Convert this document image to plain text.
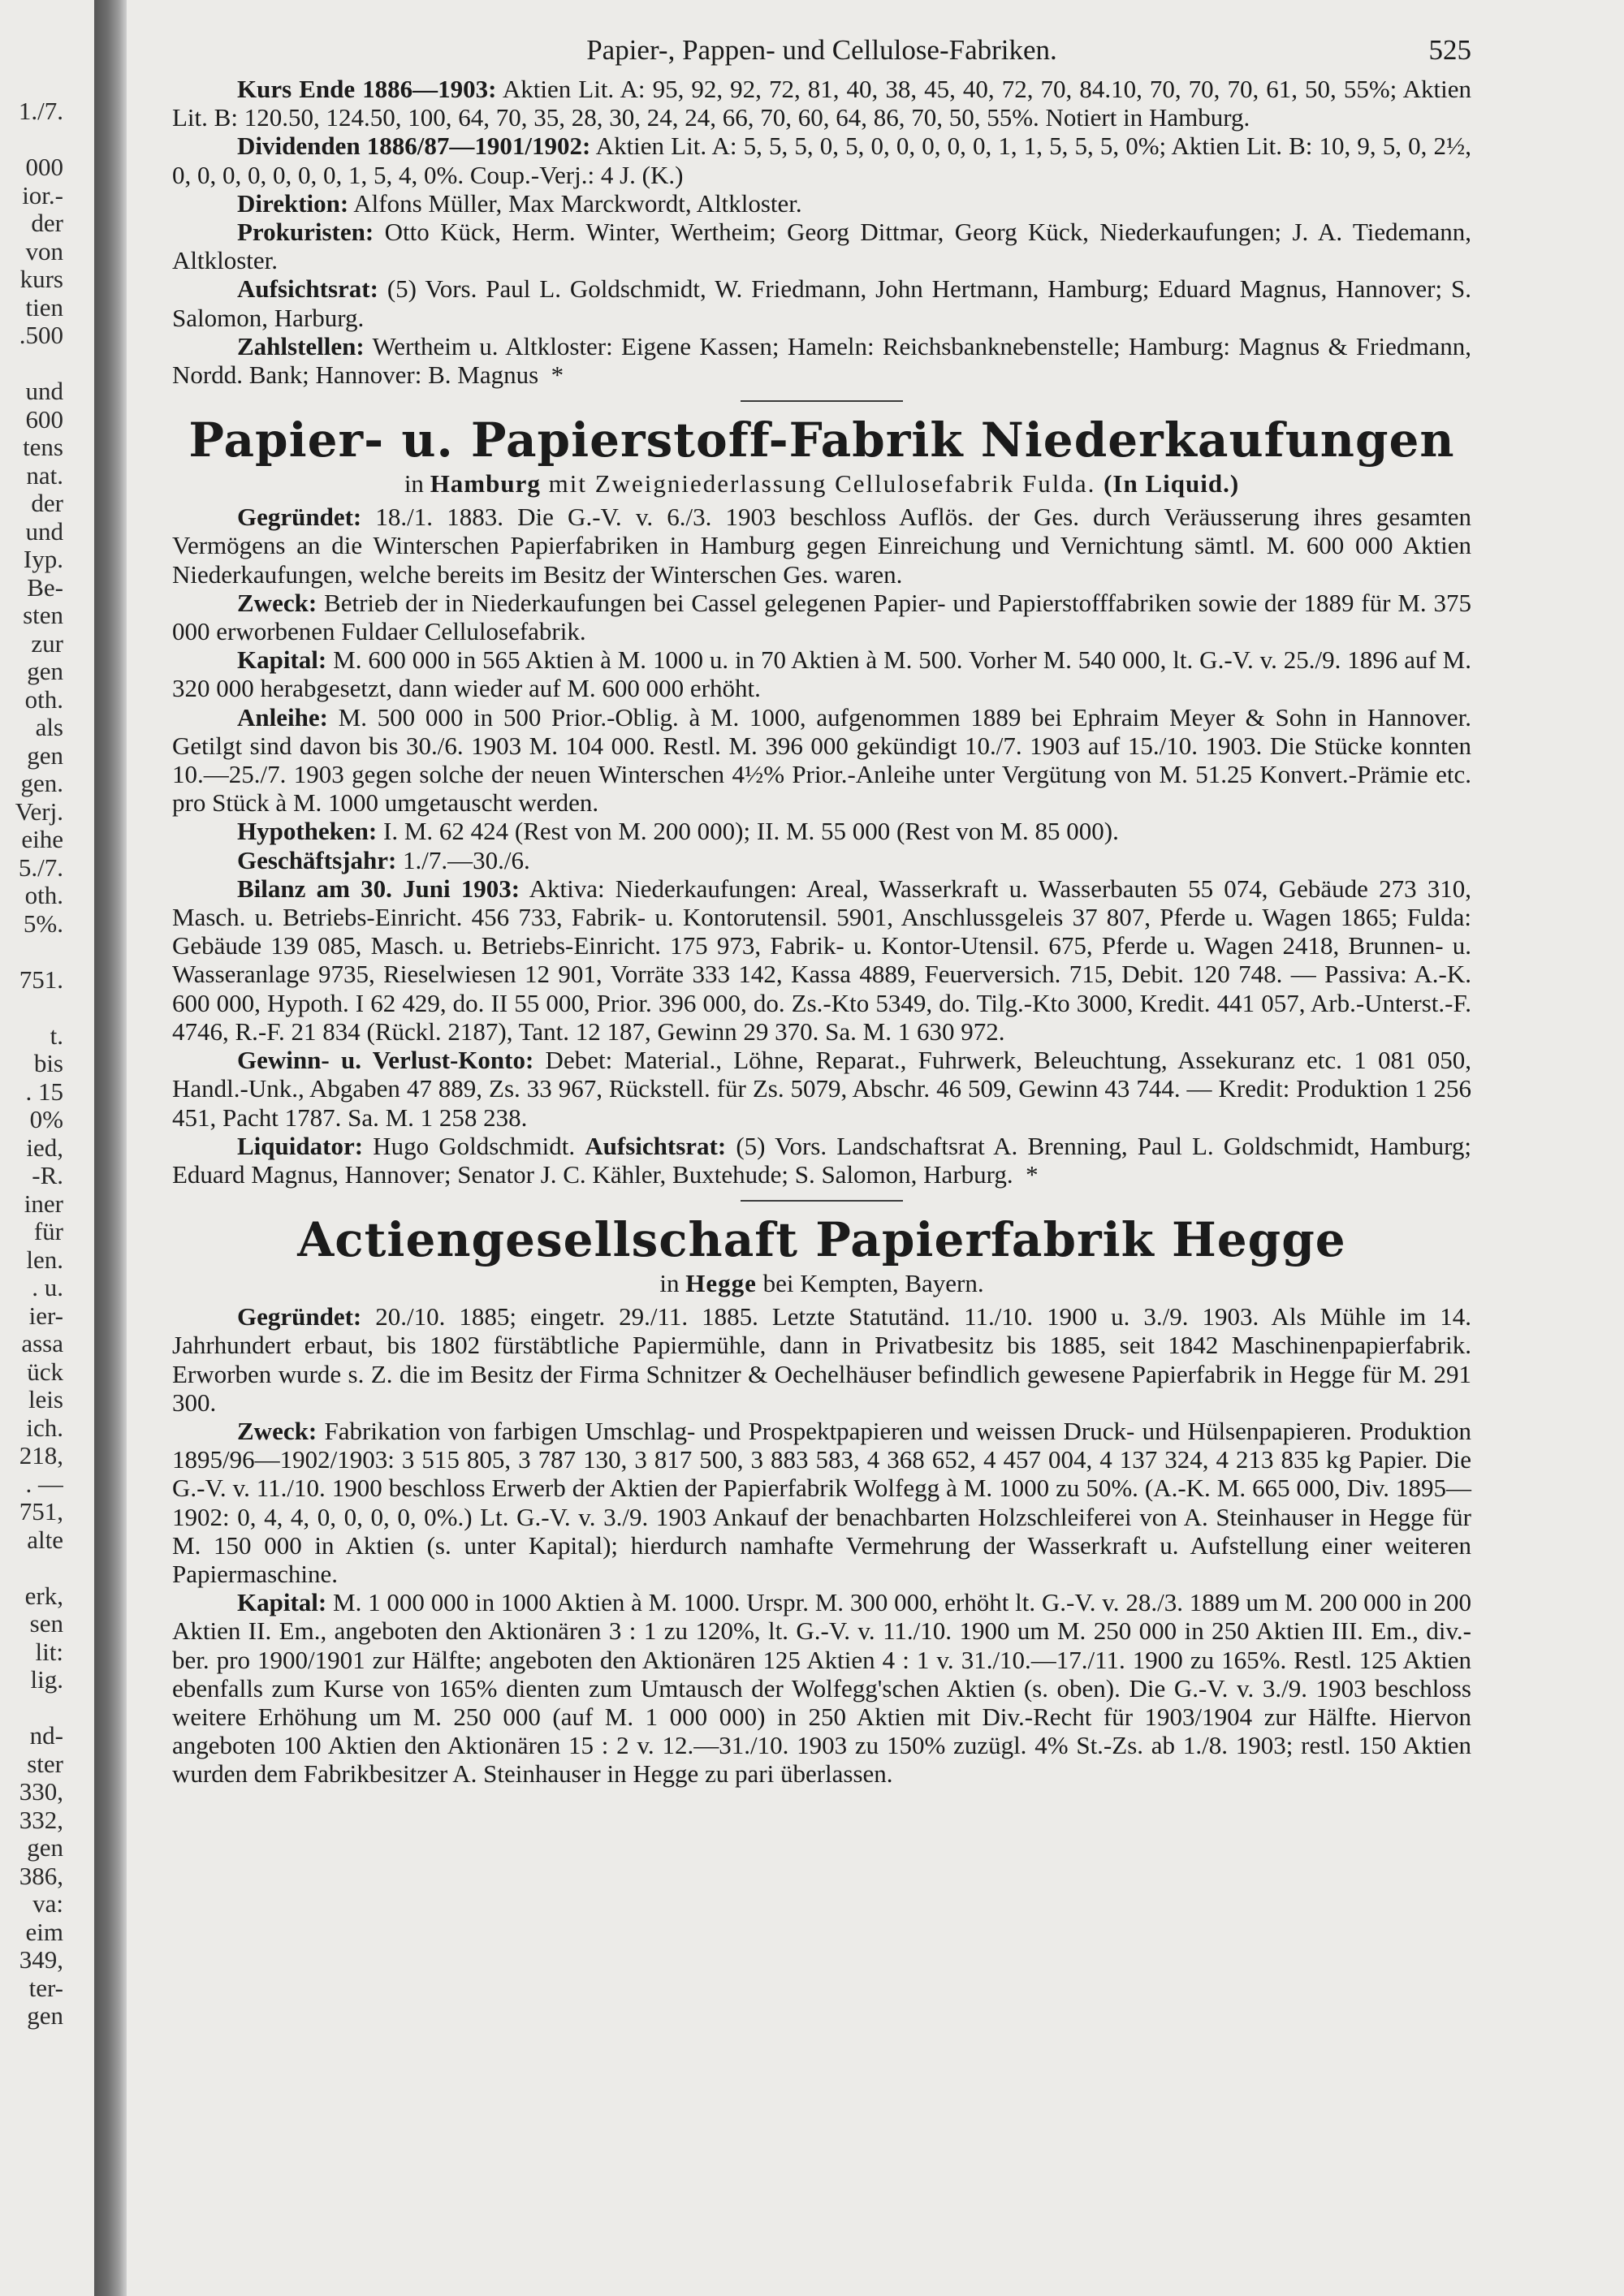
1./7.

000
ior.-
der
von
kurs
tien
.500

und
600
tens
nat.
der
und
Iyp.
Be-
sten
zur
gen
oth.
als
gen
gen.
Verj.
eihe
5./7.
oth.
5%.

751.

t.
bis
. 15
0%
ied,
-R.
iner
für
len.
. u.
ier-
assa
ück
leis
ich.
218,
. —
751,
alte

erk,
sen
lit:
lig.

nd-
ster
330,
332,
gen
386,
va:
eim
349,
ter-
gen
Papier-, Pappen- und Cellulose-Fabriken.	525

Kurs Ende 1886—1903: Aktien Lit. A: 95, 92, 92, 72, 81, 40, 38, 45, 40, 72, 70, 84.10, 70, 70, 70, 61, 50, 55%; Aktien Lit. B: 120.50, 124.50, 100, 64, 70, 35, 28, 30, 24, 24, 66, 70, 60, 64, 86, 70, 50, 55%. Notiert in Hamburg.

Dividenden 1886/87—1901/1902: Aktien Lit. A: 5, 5, 5, 0, 5, 0, 0, 0, 0, 0, 1, 1, 5, 5, 5, 0%; Aktien Lit. B: 10, 9, 5, 0, 2½, 0, 0, 0, 0, 0, 0, 0, 1, 5, 4, 0%. Coup.-Verj.: 4 J. (K.)

Direktion: Alfons Müller, Max Marckwordt, Altkloster.

Prokuristen: Otto Kück, Herm. Winter, Wertheim; Georg Dittmar, Georg Kück, Niederkaufungen; J. A. Tiedemann, Altkloster.

Aufsichtsrat: (5) Vors. Paul L. Goldschmidt, W. Friedmann, John Hertmann, Hamburg; Eduard Magnus, Hannover; S. Salomon, Harburg.

Zahlstellen: Wertheim u. Altkloster: Eigene Kassen; Hameln: Reichsbanknebenstelle; Hamburg: Magnus & Friedmann, Nordd. Bank; Hannover: B. Magnus *

Papier- u. Papierstoff-Fabrik Niederkaufungen
in Hamburg mit Zweigniederlassung Cellulosefabrik Fulda. (In Liquid.)

Gegründet: 18./1. 1883. Die G.-V. v. 6./3. 1903 beschloss Auflös. der Ges. durch Veräusserung ihres gesamten Vermögens an die Winterschen Papierfabriken in Hamburg gegen Einreichung und Vernichtung sämtl. M. 600 000 Aktien Niederkaufungen, welche bereits im Besitz der Winterschen Ges. waren.

Zweck: Betrieb der in Niederkaufungen bei Cassel gelegenen Papier- und Papierstofffabriken sowie der 1889 für M. 375 000 erworbenen Fuldaer Cellulosefabrik.

Kapital: M. 600 000 in 565 Aktien à M. 1000 u. in 70 Aktien à M. 500. Vorher M. 540 000, lt. G.-V. v. 25./9. 1896 auf M. 320 000 herabgesetzt, dann wieder auf M. 600 000 erhöht.

Anleihe: M. 500 000 in 500 Prior.-Oblig. à M. 1000, aufgenommen 1889 bei Ephraim Meyer & Sohn in Hannover. Getilgt sind davon bis 30./6. 1903 M. 104 000. Restl. M. 396 000 gekündigt 10./7. 1903 auf 15./10. 1903. Die Stücke konnten 10.—25./7. 1903 gegen solche der neuen Winterschen 4½% Prior.-Anleihe unter Vergütung von M. 51.25 Konvert.-Prämie etc. pro Stück à M. 1000 umgetauscht werden.

Hypotheken: I. M. 62 424 (Rest von M. 200 000); II. M. 55 000 (Rest von M. 85 000).

Geschäftsjahr: 1./7.—30./6.

Bilanz am 30. Juni 1903: Aktiva: Niederkaufungen: Areal, Wasserkraft u. Wasserbauten 55 074, Gebäude 273 310, Masch. u. Betriebs-Einricht. 456 733, Fabrik- u. Kontorutensil. 5901, Anschlussgeleis 37 807, Pferde u. Wagen 1865; Fulda: Gebäude 139 085, Masch. u. Betriebs-Einricht. 175 973, Fabrik- u. Kontor-Utensil. 675, Pferde u. Wagen 2418, Brunnen- u. Wasseranlage 9735, Rieselwiesen 12 901, Vorräte 333 142, Kassa 4889, Feuerversich. 715, Debit. 120 748. — Passiva: A.-K. 600 000, Hypoth. I 62 429, do. II 55 000, Prior. 396 000, do. Zs.-Kto 5349, do. Tilg.-Kto 3000, Kredit. 441 057, Arb.-Unterst.-F. 4746, R.-F. 21 834 (Rückl. 2187), Tant. 12 187, Gewinn 29 370. Sa. M. 1 630 972.

Gewinn- u. Verlust-Konto: Debet: Material., Löhne, Reparat., Fuhrwerk, Beleuchtung, Assekuranz etc. 1 081 050, Handl.-Unk., Abgaben 47 889, Zs. 33 967, Rückstell. für Zs. 5079, Abschr. 46 509, Gewinn 43 744. — Kredit: Produktion 1 256 451, Pacht 1787. Sa. M. 1 258 238.

Liquidator: Hugo Goldschmidt. Aufsichtsrat: (5) Vors. Landschaftsrat A. Brenning, Paul L. Goldschmidt, Hamburg; Eduard Magnus, Hannover; Senator J. C. Kähler, Buxtehude; S. Salomon, Harburg. *

Actiengesellschaft Papierfabrik Hegge
in Hegge bei Kempten, Bayern.

Gegründet: 20./10. 1885; eingetr. 29./11. 1885. Letzte Statutänd. 11./10. 1900 u. 3./9. 1903. Als Mühle im 14. Jahrhundert erbaut, bis 1802 fürstäbtliche Papiermühle, dann in Privatbesitz bis 1885, seit 1842 Maschinenpapierfabrik. Erworben wurde s. Z. die im Besitz der Firma Schnitzer & Oechelhäuser befindlich gewesene Papierfabrik in Hegge für M. 291 300.

Zweck: Fabrikation von farbigen Umschlag- und Prospektpapieren und weissen Druck- und Hülsenpapieren. Produktion 1895/96—1902/1903: 3 515 805, 3 787 130, 3 817 500, 3 883 583, 4 368 652, 4 457 004, 4 137 324, 4 213 835 kg Papier. Die G.-V. v. 11./10. 1900 beschloss Erwerb der Aktien der Papierfabrik Wolfegg à M. 1000 zu 50%. (A.-K. M. 665 000, Div. 1895—1902: 0, 4, 4, 0, 0, 0, 0, 0%.) Lt. G.-V. v. 3./9. 1903 Ankauf der benachbarten Holzschleiferei von A. Steinhauser in Hegge für M. 150 000 in Aktien (s. unter Kapital); hierdurch namhafte Vermehrung der Wasserkraft u. Aufstellung einer weiteren Papiermaschine.

Kapital: M. 1 000 000 in 1000 Aktien à M. 1000. Urspr. M. 300 000, erhöht lt. G.-V. v. 28./3. 1889 um M. 200 000 in 200 Aktien II. Em., angeboten den Aktionären 3 : 1 zu 120%, lt. G.-V. v. 11./10. 1900 um M. 250 000 in 250 Aktien III. Em., div.-ber. pro 1900/1901 zur Hälfte; angeboten den Aktionären 125 Aktien 4 : 1 v. 31./10.—17./11. 1900 zu 165%. Restl. 125 Aktien ebenfalls zum Kurse von 165% dienten zum Umtausch der Wolfegg'schen Aktien (s. oben). Die G.-V. v. 3./9. 1903 beschloss weitere Erhöhung um M. 250 000 (auf M. 1 000 000) in 250 Aktien mit Div.-Recht für 1903/1904 zur Hälfte. Hiervon angeboten 100 Aktien den Aktionären 15 : 2 v. 12.—31./10. 1903 zu 150% zuzügl. 4% St.-Zs. ab 1./8. 1903; restl. 150 Aktien wurden dem Fabrikbesitzer A. Steinhauser in Hegge zu pari überlassen.
